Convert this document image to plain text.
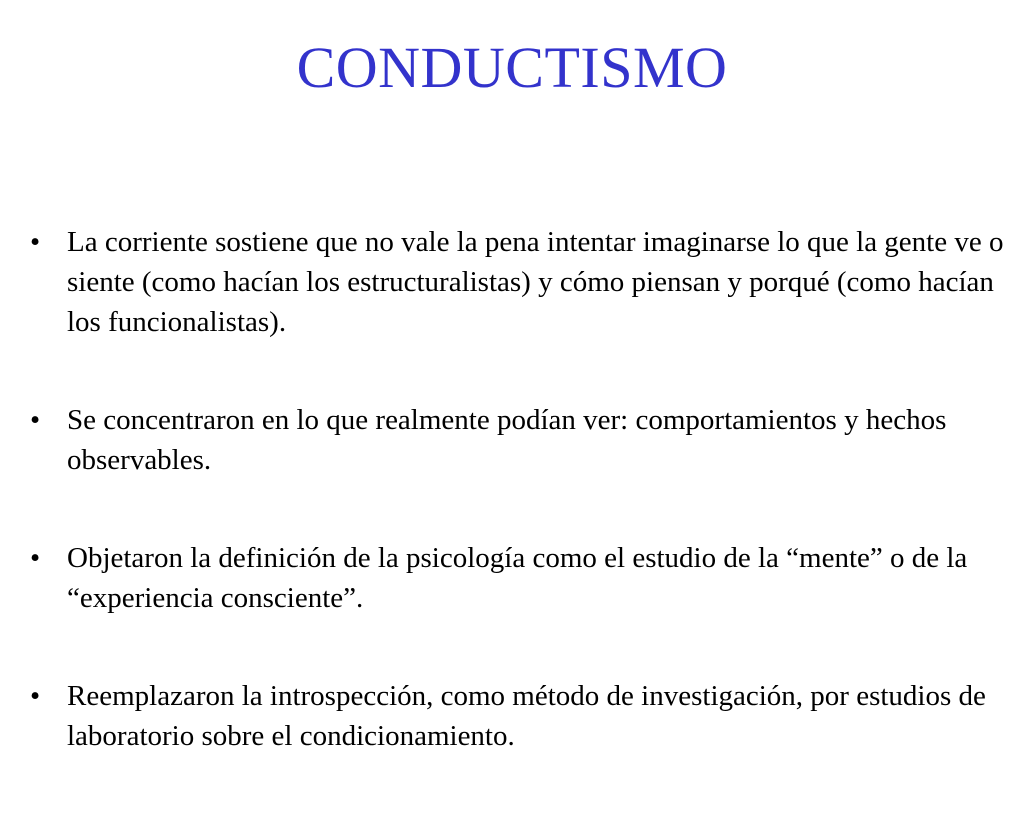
CONDUCTISMO
• La corriente sostiene que no vale la pena intentar imaginarse lo que la gente ve o siente (como hacían los estructuralistas) y cómo piensan y porqué (como hacían los funcionalistas).
• Se concentraron en lo que realmente podían ver: comportamientos y hechos observables.
• Objetaron la definición de la psicología como el estudio de la “mente” o de la “experiencia consciente”.
• Reemplazaron la introspección, como método de investigación, por estudios de laboratorio sobre el condicionamiento.
